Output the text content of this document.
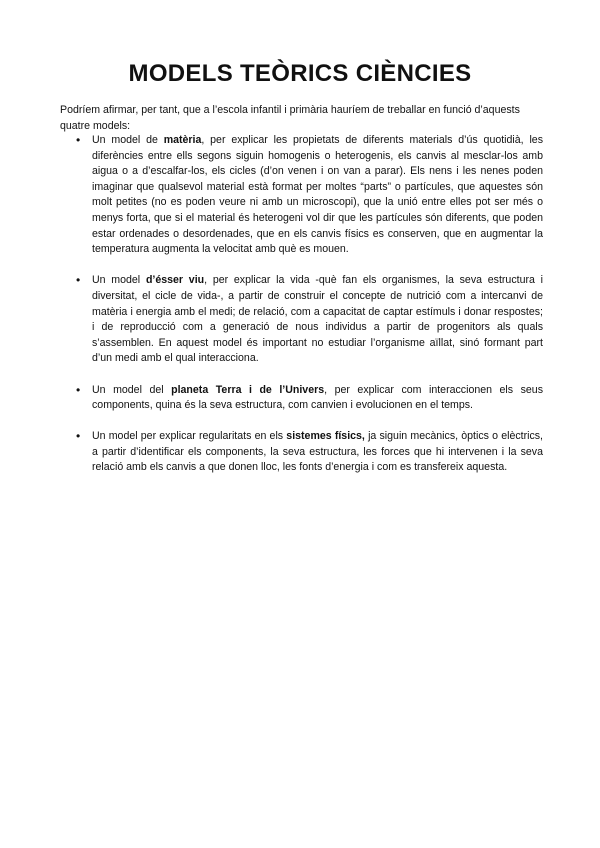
MODELS TEÒRICS CIÈNCIES

Podríem afirmar, per tant, que a l’escola infantil i primària hauríem de treballar en funció d’aquests quatre models:

• Un model de matèria, per explicar les propietats de diferents materials d’ús quotidià, les diferències entre ells segons siguin homogenis o heterogenis, els canvis al mesclar-los amb aigua o a d’escalfar-los, els cicles (d’on venen i on van a parar). Els nens i les nenes poden imaginar que qualsevol material està format per moltes “parts” o partícules, que aquestes són molt petites (no es poden veure ni amb un microscopi), que la unió entre elles pot ser més o menys forta, que si el material és heterogeni vol dir que les partícules són diferents, que poden estar ordenades o desordenades, que en els canvis físics es conserven, que en augmentar la temperatura augmenta la velocitat amb què es mouen.
• Un model d’ésser viu, per explicar la vida -què fan els organismes, la seva estructura i diversitat, el cicle de vida-, a partir de construir el concepte de nutrició com a intercanvi de matèria i energia amb el medi; de relació, com a capacitat de captar estímuls i donar respostes; i de reproducció com a generació de nous individus a partir de progenitors als quals s’assemblen. En aquest model és important no estudiar l’organisme aïllat, sinó formant part d’un medi amb el qual interacciona.
• Un model del planeta Terra i de l’Univers, per explicar com interaccionen els seus components, quina és la seva estructura, com canvien i evolucionen en el temps.
• Un model per explicar regularitats en els sistemes físics, ja siguin mecànics, òptics o elèctrics, a partir d’identificar els components, la seva estructura, les forces que hi intervenen i la seva relació amb els canvis a que donen lloc, les fonts d’energia i com es transfereix aquesta.
